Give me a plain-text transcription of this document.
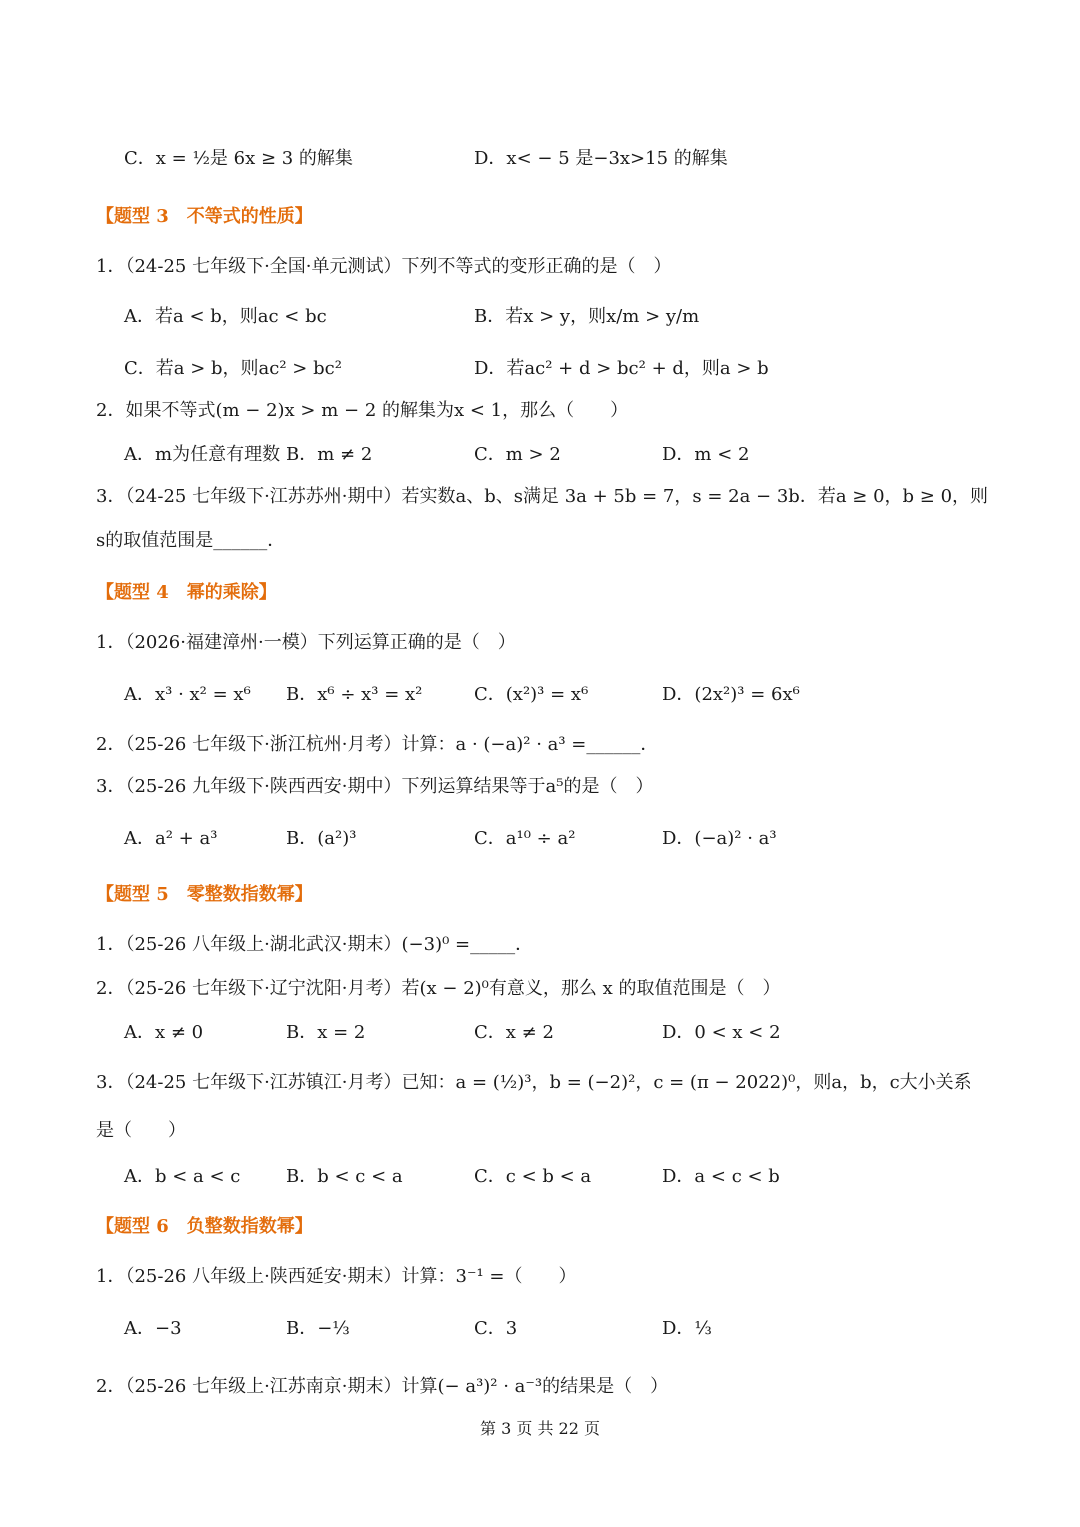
C．x = ½是 6x ≥ 3 的解集	D．x< − 5 是−3x>15 的解集
【题型 3　不等式的性质】
1．（24-25 七年级下·全国·单元测试）下列不等式的变形正确的是（　）
A．若a < b，则ac < bc	B．若x > y，则x/m > y/m
C．若a > b，则ac² > bc²	D．若ac² + d > bc² + d，则a > b
2．如果不等式(m − 2)x > m − 2 的解集为x < 1，那么（　　）
A．m为任意有理数 B．m ≠ 2	C．m > 2	D．m < 2
3．（24-25 七年级下·江苏苏州·期中）若实数a、b、s满足 3a + 5b = 7，s = 2a − 3b．若a ≥ 0，b ≥ 0，则
s的取值范围是______．
【题型 4　幂的乘除】
1．（2026·福建漳州·一模）下列运算正确的是（　）
A．x³ · x² = x⁶ B．x⁶ ÷ x³ = x²	C．(x²)³ = x⁶	D．(2x²)³ = 6x⁶
2．（25-26 七年级下·浙江杭州·月考）计算：a · (−a)² · a³ =______．
3．（25-26 九年级下·陕西西安·期中）下列运算结果等于a⁵的是（　）
A．a² + a³	B．(a²)³	C．a¹⁰ ÷ a²	D．(−a)² · a³
【题型 5　零整数指数幂】
1．（25-26 八年级上·湖北武汉·期末）(−3)⁰ =_____．
2．（25-26 七年级下·辽宁沈阳·月考）若(x − 2)⁰有意义，那么 x 的取值范围是（　）
A．x ≠ 0	B．x = 2	C．x ≠ 2	D．0 < x < 2
3．（24-25 七年级下·江苏镇江·月考）已知：a = (½)³，b = (−2)²，c = (π − 2022)⁰，则a，b，c大小关系
是（　　）
A．b < a < c	B．b < c < a	C．c < b < a	D．a < c < b
【题型 6　负整数指数幂】
1．（25-26 八年级上·陕西延安·期末）计算：3⁻¹ =（　　）
A．−3	B．−⅓	C．3	D．⅓
2．（25-26 七年级上·江苏南京·期末）计算(− a³)² · a⁻³的结果是（　）
第 3 页 共 22 页
